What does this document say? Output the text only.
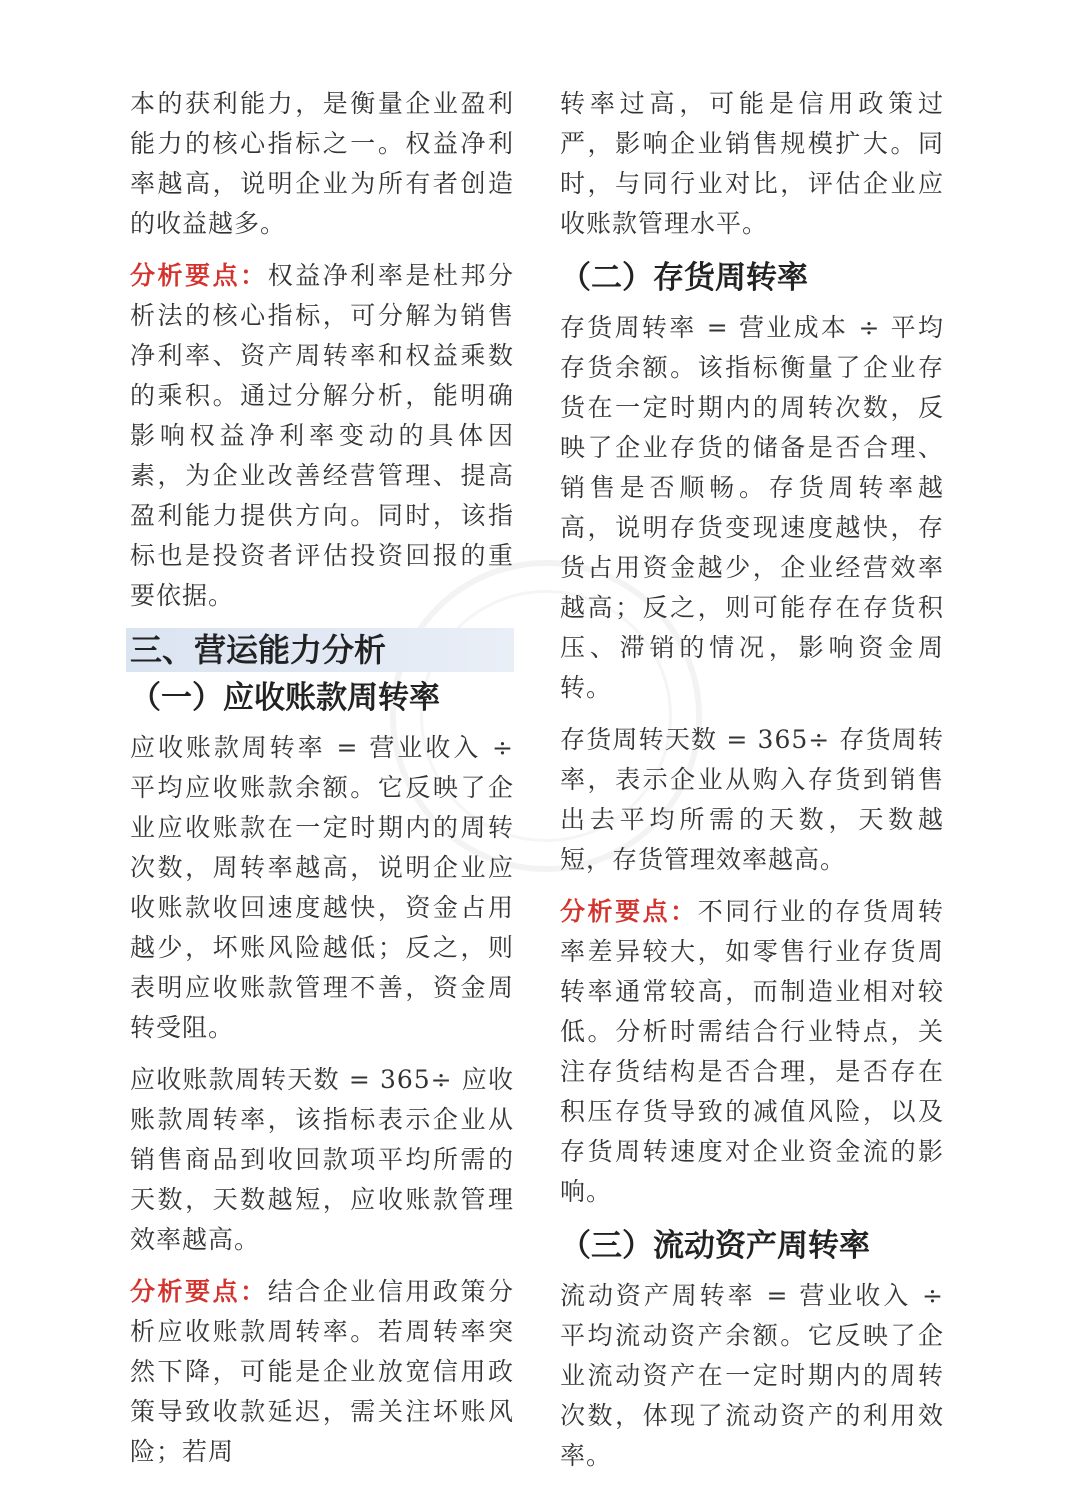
本的获利能力，是衡量企业盈利能力的核心指标之一。权益净利率越高，说明企业为所有者创造的收益越多。

分析要点：权益净利率是杜邦分析法的核心指标，可分解为销售净利率、资产周转率和权益乘数的乘积。通过分解分析，能明确影响权益净利率变动的具体因素，为企业改善经营管理、提高盈利能力提供方向。同时，该指标也是投资者评估投资回报的重要依据。

三、营运能力分析
（一）应收账款周转率

应收账款周转率 = 营业收入 ÷ 平均应收账款余额。它反映了企业应收账款在一定时期内的周转次数，周转率越高，说明企业应收账款收回速度越快，资金占用越少，坏账风险越低；反之，则表明应收账款管理不善，资金周转受阻。

应收账款周转天数 = 365÷ 应收账款周转率，该指标表示企业从销售商品到收回款项平均所需的天数，天数越短，应收账款管理效率越高。

分析要点：结合企业信用政策分析应收账款周转率。若周转率突然下降，可能是企业放宽信用政策导致收款延迟，需关注坏账风险；若周

转率过高，可能是信用政策过严，影响企业销售规模扩大。同时，与同行业对比，评估企业应收账款管理水平。

（二）存货周转率

存货周转率 = 营业成本 ÷ 平均存货余额。该指标衡量了企业存货在一定时期内的周转次数，反映了企业存货的储备是否合理、销售是否顺畅。存货周转率越高，说明存货变现速度越快，存货占用资金越少，企业经营效率越高；反之，则可能存在存货积压、滞销的情况，影响资金周转。

存货周转天数 = 365÷ 存货周转率，表示企业从购入存货到销售出去平均所需的天数，天数越短，存货管理效率越高。

分析要点：不同行业的存货周转率差异较大，如零售行业存货周转率通常较高，而制造业相对较低。分析时需结合行业特点，关注存货结构是否合理，是否存在积压存货导致的减值风险，以及存货周转速度对企业资金流的影响。

（三）流动资产周转率

流动资产周转率 = 营业收入 ÷ 平均流动资产余额。它反映了企业流动资产在一定时期内的周转次数，体现了流动资产的利用效率。
